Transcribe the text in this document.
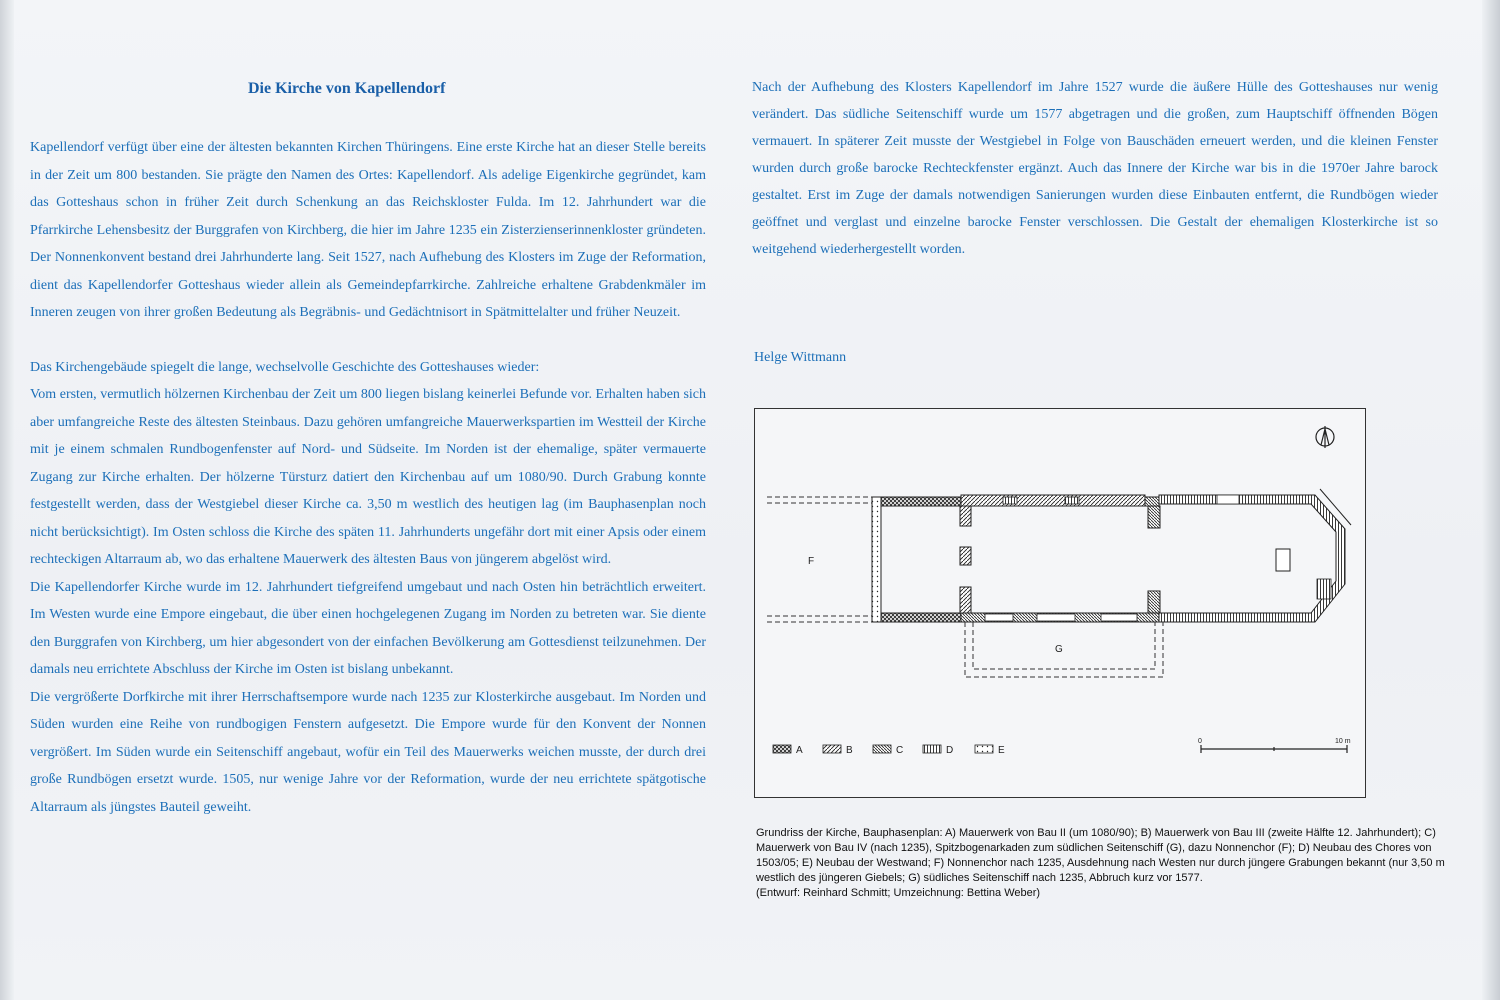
Die Kirche von Kapellendorf

Kapellendorf verfügt über eine der ältesten bekannten Kirchen Thüringens. Eine erste Kirche hat an dieser Stelle bereits in der Zeit um 800 bestanden. Sie prägte den Namen des Ortes: Kapellendorf. Als adelige Eigenkirche gegründet, kam das Gotteshaus schon in früher Zeit durch Schenkung an das Reichskloster Fulda. Im 12. Jahrhundert war die Pfarrkirche Lehensbesitz der Burggrafen von Kirchberg, die hier im Jahre 1235 ein Zisterzienserinnenkloster gründeten. Der Nonnenkonvent bestand drei Jahrhunderte lang. Seit 1527, nach Aufhebung des Klosters im Zuge der Reformation, dient das Kapellendorfer Gotteshaus wieder allein als Gemeindepfarrkirche. Zahlreiche erhaltene Grabdenkmäler im Inneren zeugen von ihrer großen Bedeutung als Begräbnis- und Gedächtnisort in Spätmittelalter und früher Neuzeit.

Das Kirchengebäude spiegelt die lange, wechselvolle Geschichte des Gotteshauses wieder:

Vom ersten, vermutlich hölzernen Kirchenbau der Zeit um 800 liegen bislang keinerlei Befunde vor. Erhalten haben sich aber umfangreiche Reste des ältesten Steinbaus. Dazu gehören umfangreiche Mauerwerkspartien im Westteil der Kirche mit je einem schmalen Rundbogenfenster auf Nord- und Südseite. Im Norden ist der ehemalige, später vermauerte Zugang zur Kirche erhalten. Der hölzerne Türsturz datiert den Kirchenbau auf um 1080/90. Durch Grabung konnte festgestellt werden, dass der Westgiebel dieser Kirche ca. 3,50 m westlich des heutigen lag (im Bauphasenplan noch nicht berücksichtigt). Im Osten schloss die Kirche des späten 11. Jahrhunderts ungefähr dort mit einer Apsis oder einem rechteckigen Altarraum ab, wo das erhaltene Mauerwerk des ältesten Baus von jüngerem abgelöst wird.

Die Kapellendorfer Kirche wurde im 12. Jahrhundert tiefgreifend umgebaut und nach Osten hin beträchtlich erweitert. Im Westen wurde eine Empore eingebaut, die über einen hochgelegenen Zugang im Norden zu betreten war. Sie diente den Burggrafen von Kirchberg, um hier abgesondert von der einfachen Bevölkerung am Gottesdienst teilzunehmen. Der damals neu errichtete Abschluss der Kirche im Osten ist bislang unbekannt.

Die vergrößerte Dorfkirche mit ihrer Herrschaftsempore wurde nach 1235 zur Klosterkirche ausgebaut. Im Norden und Süden wurden eine Reihe von rundbogigen Fenstern aufgesetzt. Die Empore wurde für den Konvent der Nonnen vergrößert. Im Süden wurde ein Seitenschiff angebaut, wofür ein Teil des Mauerwerks weichen musste, der durch drei große Rundbögen ersetzt wurde. 1505, nur wenige Jahre vor der Reformation, wurde der neu errichtete spätgotische Altarraum als jüngstes Bauteil geweiht.

Nach der Aufhebung des Klosters Kapellendorf im Jahre 1527 wurde die äußere Hülle des Gotteshauses nur wenig verändert. Das südliche Seitenschiff wurde um 1577 abgetragen und die großen, zum Hauptschiff öffnenden Bögen vermauert. In späterer Zeit musste der Westgiebel in Folge von Bauschäden erneuert werden, und die kleinen Fenster wurden durch große barocke Rechteckfenster ergänzt. Auch das Innere der Kirche war bis in die 1970er Jahre barock gestaltet. Erst im Zuge der damals notwendigen Sanierungen wurden diese Einbauten entfernt, die Rundbögen wieder geöffnet und verglast und einzelne barocke Fenster verschlossen. Die Gestalt der ehemaligen Klosterkirche ist so weitgehend wiederhergestellt worden.

Helge Wittmann
F
G
A	B	C	D	E
0	10 m

Grundriss der Kirche, Bauphasenplan: A) Mauerwerk von Bau II (um 1080/90); B) Mauerwerk von Bau III (zweite Hälfte 12. Jahrhundert); C) Mauerwerk von Bau IV (nach 1235), Spitzbogenarkaden zum südlichen Seitenschiff (G), dazu Nonnenchor (F); D) Neubau des Chores von 1503/05; E) Neubau der Westwand; F) Nonnenchor nach 1235, Ausdehnung nach Westen nur durch jüngere Grabungen bekannt (nur 3,50 m westlich des jüngeren Giebels; G) südliches Seitenschiff nach 1235, Abbruch kurz vor 1577.

(Entwurf: Reinhard Schmitt; Umzeichnung: Bettina Weber)
